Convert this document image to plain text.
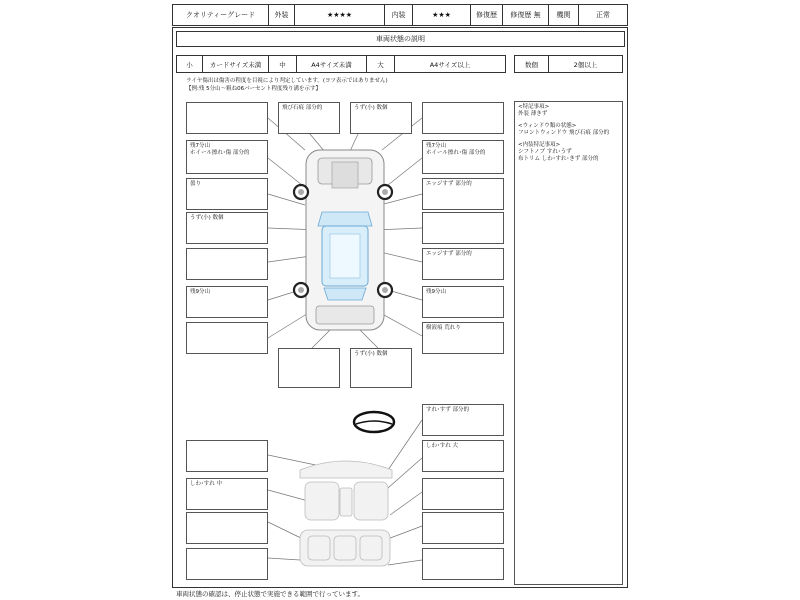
クオリティーグレード	外装	★★★★	内装	★★★	修復歴	修復歴 無	機関	正常
車両状態の説明
小	カードサイズ未満	中	A4サイズ未満	大	A4サイズ以上	数個	2個以上
ライヤ傷出は傷害の程度を目視により判定しています。(ヨツ表示ではありません)
【例:残 5分山～粗ね06パーセント程度残り溝を示す】
残7分山
ホイール擦れ･傷 部分的
曇り
うず(小) 数個
残9分山
飛び石痕 部分的	うず(小) 数個
残7分山
ホイール擦れ･傷 部分的
エッジすず 部分的
エッジすず 部分的
残9分山
樹液痕 荒れり
うず(小) 数個
すれ･すず 部分的
しわ･すれ 大
しわ･すれ 中

<特記事項>
外装 薄きず

<ウィンドウ類の状態>
フロントウィンドウ 飛び石痕 部分的

<内装特記事項>
シフトノブ すれ･うず
布トリム しわ･すれ･きず 部分的

車両状態の確認は、停止状態で実施できる範囲で行っています。
